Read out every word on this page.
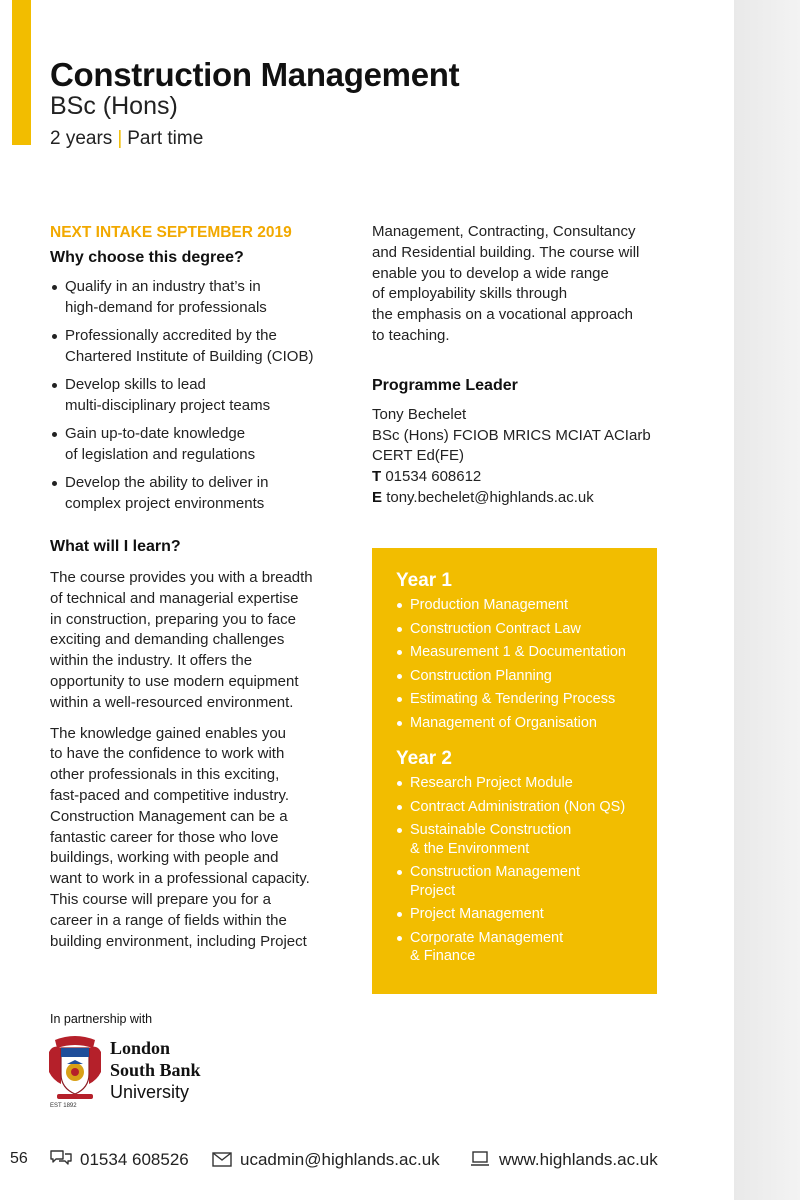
Construction Management
BSc (Hons)
2 years | Part time
NEXT INTAKE SEPTEMBER 2019
Why choose this degree?
Qualify in an industry that’s in
high-demand for professionals
Professionally accredited by the
Chartered Institute of Building (CIOB)
Develop skills to lead
multi-disciplinary project teams
Gain up-to-date knowledge
of legislation and regulations
Develop the ability to deliver in
complex project environments
What will I learn?

The course provides you with a breadth
of technical and managerial expertise
in construction, preparing you to face
exciting and demanding challenges
within the industry. It offers the
opportunity to use modern equipment
within a well-resourced environment.

The knowledge gained enables you
to have the confidence to work with
other professionals in this exciting,
fast-paced and competitive industry.
Construction Management can be a
fantastic career for those who love
buildings, working with people and
want to work in a professional capacity.
This course will prepare you for a
career in a range of fields within the
building environment, including Project

Management, Contracting, Consultancy
and Residential building. The course will
enable you to develop a wide range
of employability skills through
the emphasis on a vocational approach
to teaching.

Programme Leader
Tony Bechelet
BSc (Hons) FCIOB MRICS MCIAT ACIarb
CERT Ed(FE)
T 01534 608612
E tony.bechelet@highlands.ac.uk
Year 1
Production Management
Construction Contract Law
Measurement 1 & Documentation
Construction Planning
Estimating & Tendering Process
Management of Organisation
Year 2
Research Project Module
Contract Administration (Non QS)
Sustainable Construction
& the Environment
Construction Management
Project
Project Management
Corporate Management
& Finance
In partnership with
London
South Bank
University
EST 1892
56	01534 608526	ucadmin@highlands.ac.uk	www.highlands.ac.uk
